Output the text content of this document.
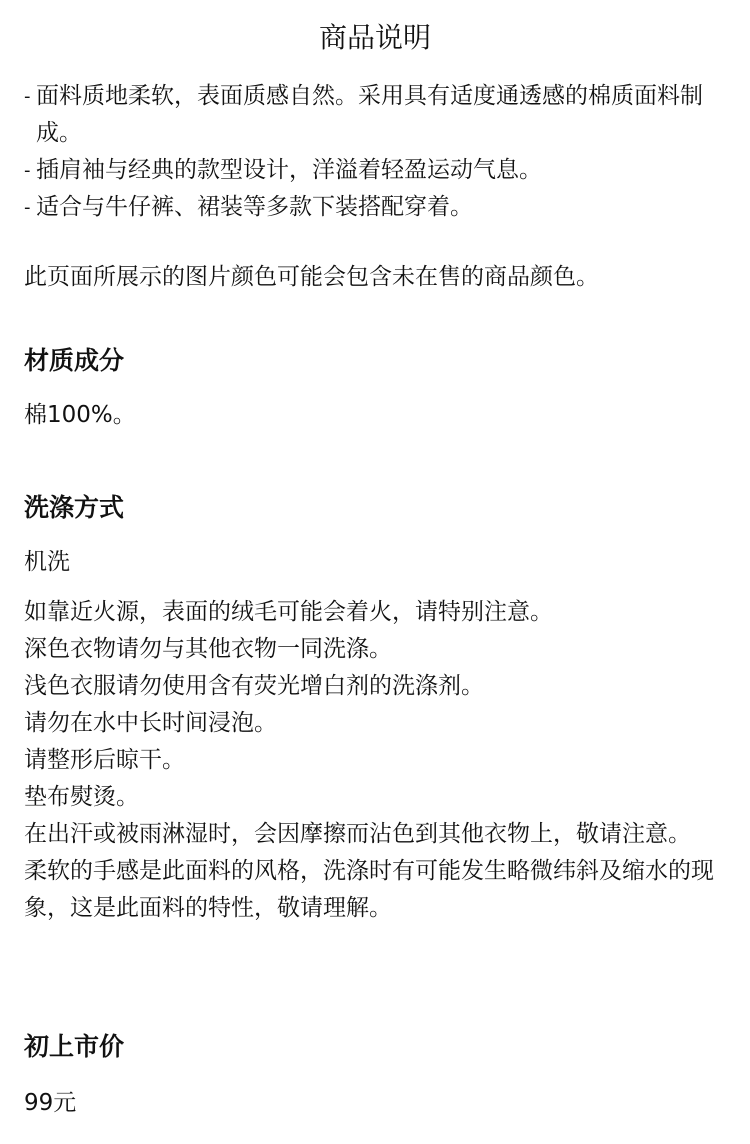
商品说明
- 面料质地柔软，表面质感自然。采用具有适度通透感的棉质面料制成。
- 插肩袖与经典的款型设计，洋溢着轻盈运动气息。
- 适合与牛仔裤、裙装等多款下装搭配穿着。
此页面所展示的图片颜色可能会包含未在售的商品颜色。
材质成分
棉100%。
洗涤方式
机洗
如靠近火源，表面的绒毛可能会着火，请特别注意。
深色衣物请勿与其他衣物一同洗涤。
浅色衣服请勿使用含有荧光增白剂的洗涤剂。
请勿在水中长时间浸泡。
请整形后晾干。
垫布熨烫。
在出汗或被雨淋湿时，会因摩擦而沾色到其他衣物上，敬请注意。
柔软的手感是此面料的风格，洗涤时有可能发生略微纬斜及缩水的现象，这是此面料的特性，敬请理解。
初上市价
99元
